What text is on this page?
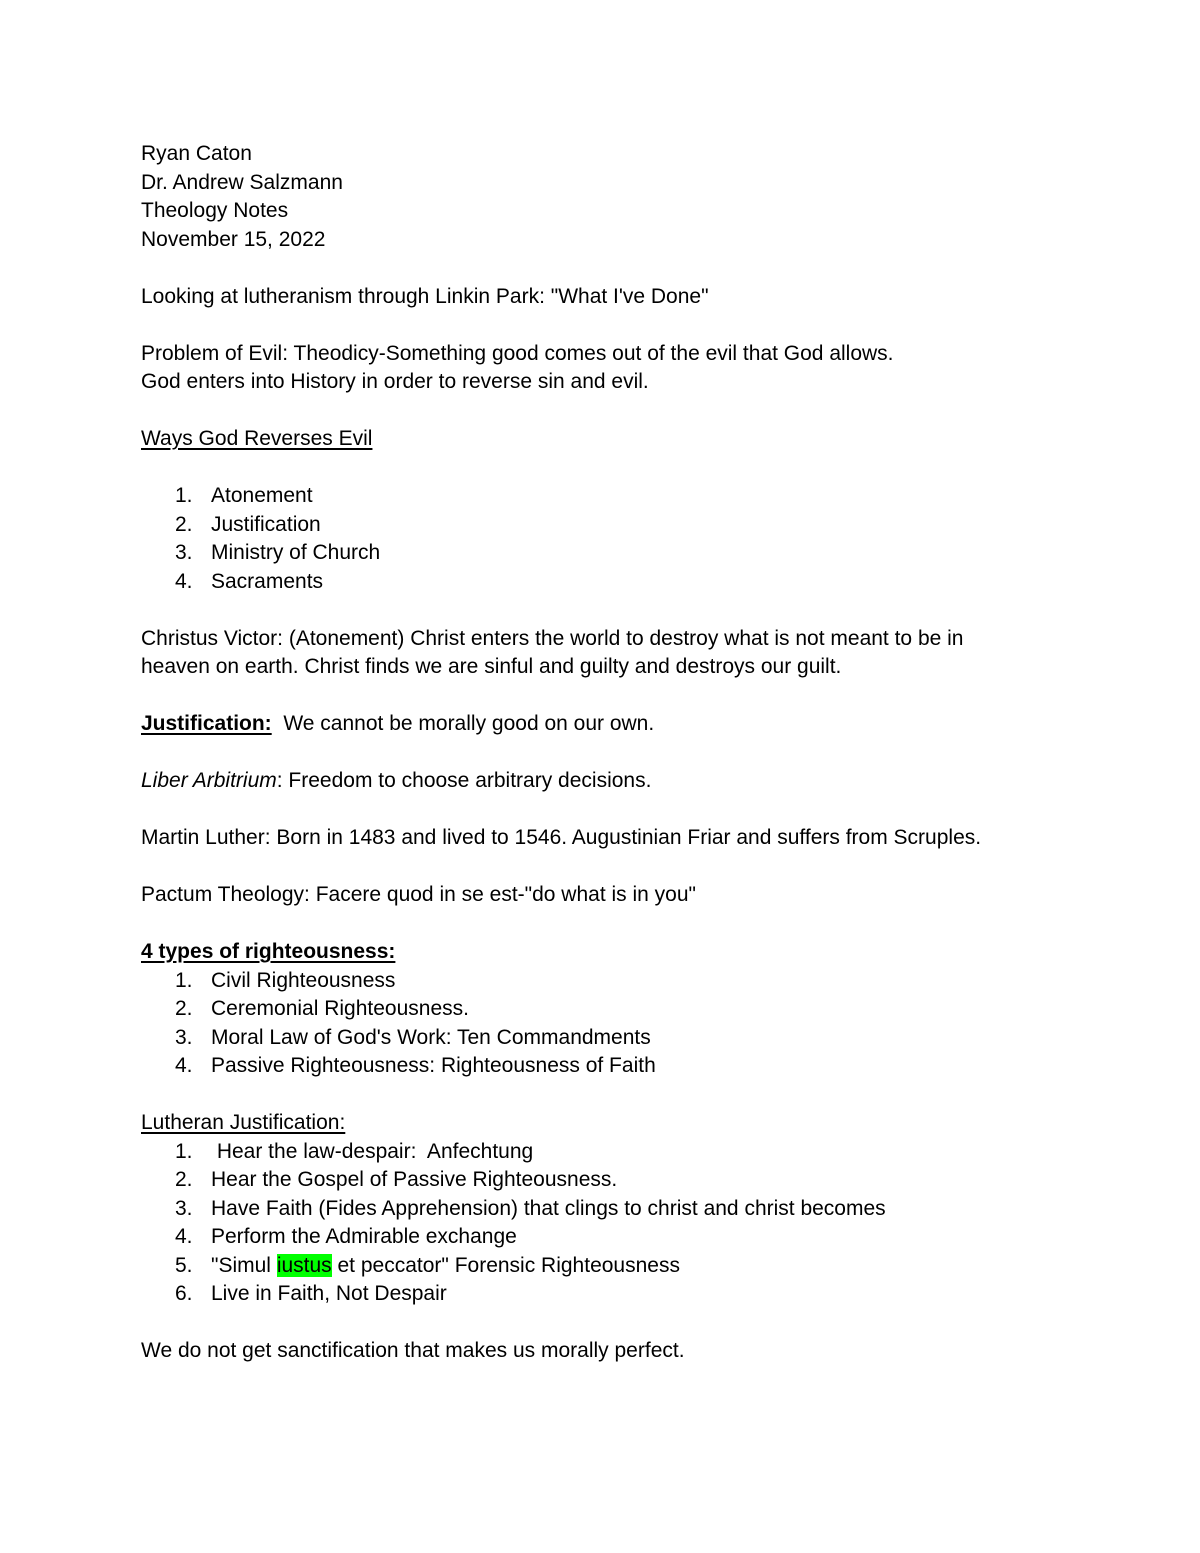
Ryan Caton

Dr. Andrew Salzmann

Theology Notes

November 15, 2022

Looking at lutheranism through Linkin Park: "What I've Done"

Problem of Evil: Theodicy-Something good comes out of the evil that God allows.

God enters into History in order to reverse sin and evil.

Ways God Reverses Evil

1. Atonement
2. Justification
3. Ministry of Church
4. Sacraments

Christus Victor: (Atonement) Christ enters the world to destroy what is not meant to be in

heaven on earth. Christ finds we are sinful and guilty and destroys our guilt.

Justification:  We cannot be morally good on our own.

Liber Arbitrium: Freedom to choose arbitrary decisions.

Martin Luther: Born in 1483 and lived to 1546. Augustinian Friar and suffers from Scruples.

Pactum Theology: Facere quod in se est-"do what is in you"

4 types of righteousness:

1. Civil Righteousness
2. Ceremonial Righteousness.
3. Moral Law of God's Work: Ten Commandments
4. Passive Righteousness: Righteousness of Faith

Lutheran Justification:

1. Hear the law-despair:  Anfechtung
2. Hear the Gospel of Passive Righteousness.
3. Have Faith (Fides Apprehension) that clings to christ and christ becomes
4. Perform the Admirable exchange
5. "Simul iustus et peccator" Forensic Righteousness
6. Live in Faith, Not Despair

We do not get sanctification that makes us morally perfect.
